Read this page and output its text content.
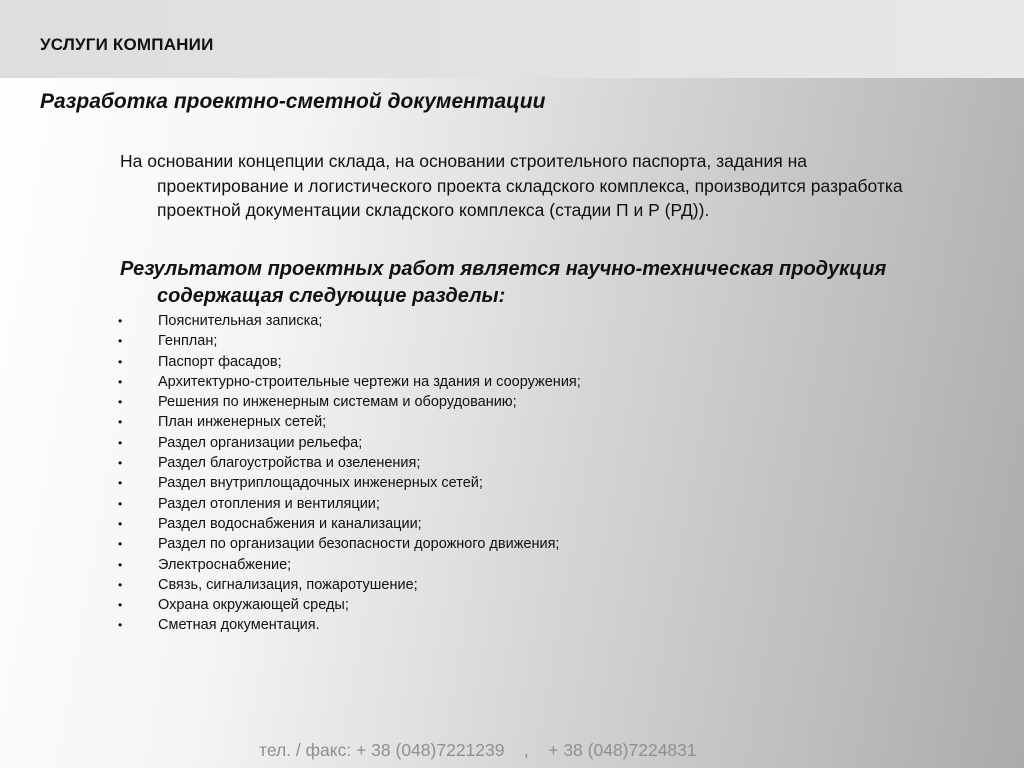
УСЛУГИ КОМПАНИИ
Разработка проектно-сметной документации

На основании концепции склада, на основании строительного паспорта, задания на проектирование и логистического проекта складского комплекса, производится разработка проектной документации складского комплекса (стадии П и Р (РД)).

Результатом проектных работ является научно-техническая продукция содержащая следующие разделы:

•	Пояснительная записка;
•	Генплан;
•	Паспорт фасадов;
•	Архитектурно-строительные чертежи на здания и сооружения;
•	Решения по инженерным системам и оборудованию;
•	План инженерных сетей;
•	Раздел организации рельефа;
•	Раздел благоустройства и озеленения;
•	Раздел внутриплощадочных инженерных сетей;
•	Раздел отопления и вентиляции;
•	Раздел водоснабжения и канализации;
•	Раздел по организации безопасности дорожного движения;
•	Электроснабжение;
•	Связь, сигнализация, пожаротушение;
•	Охрана окружающей среды;
•	Сметная документация.
тел. / факс: + 38 (048)7221239    ,    + 38 (048)7224831
